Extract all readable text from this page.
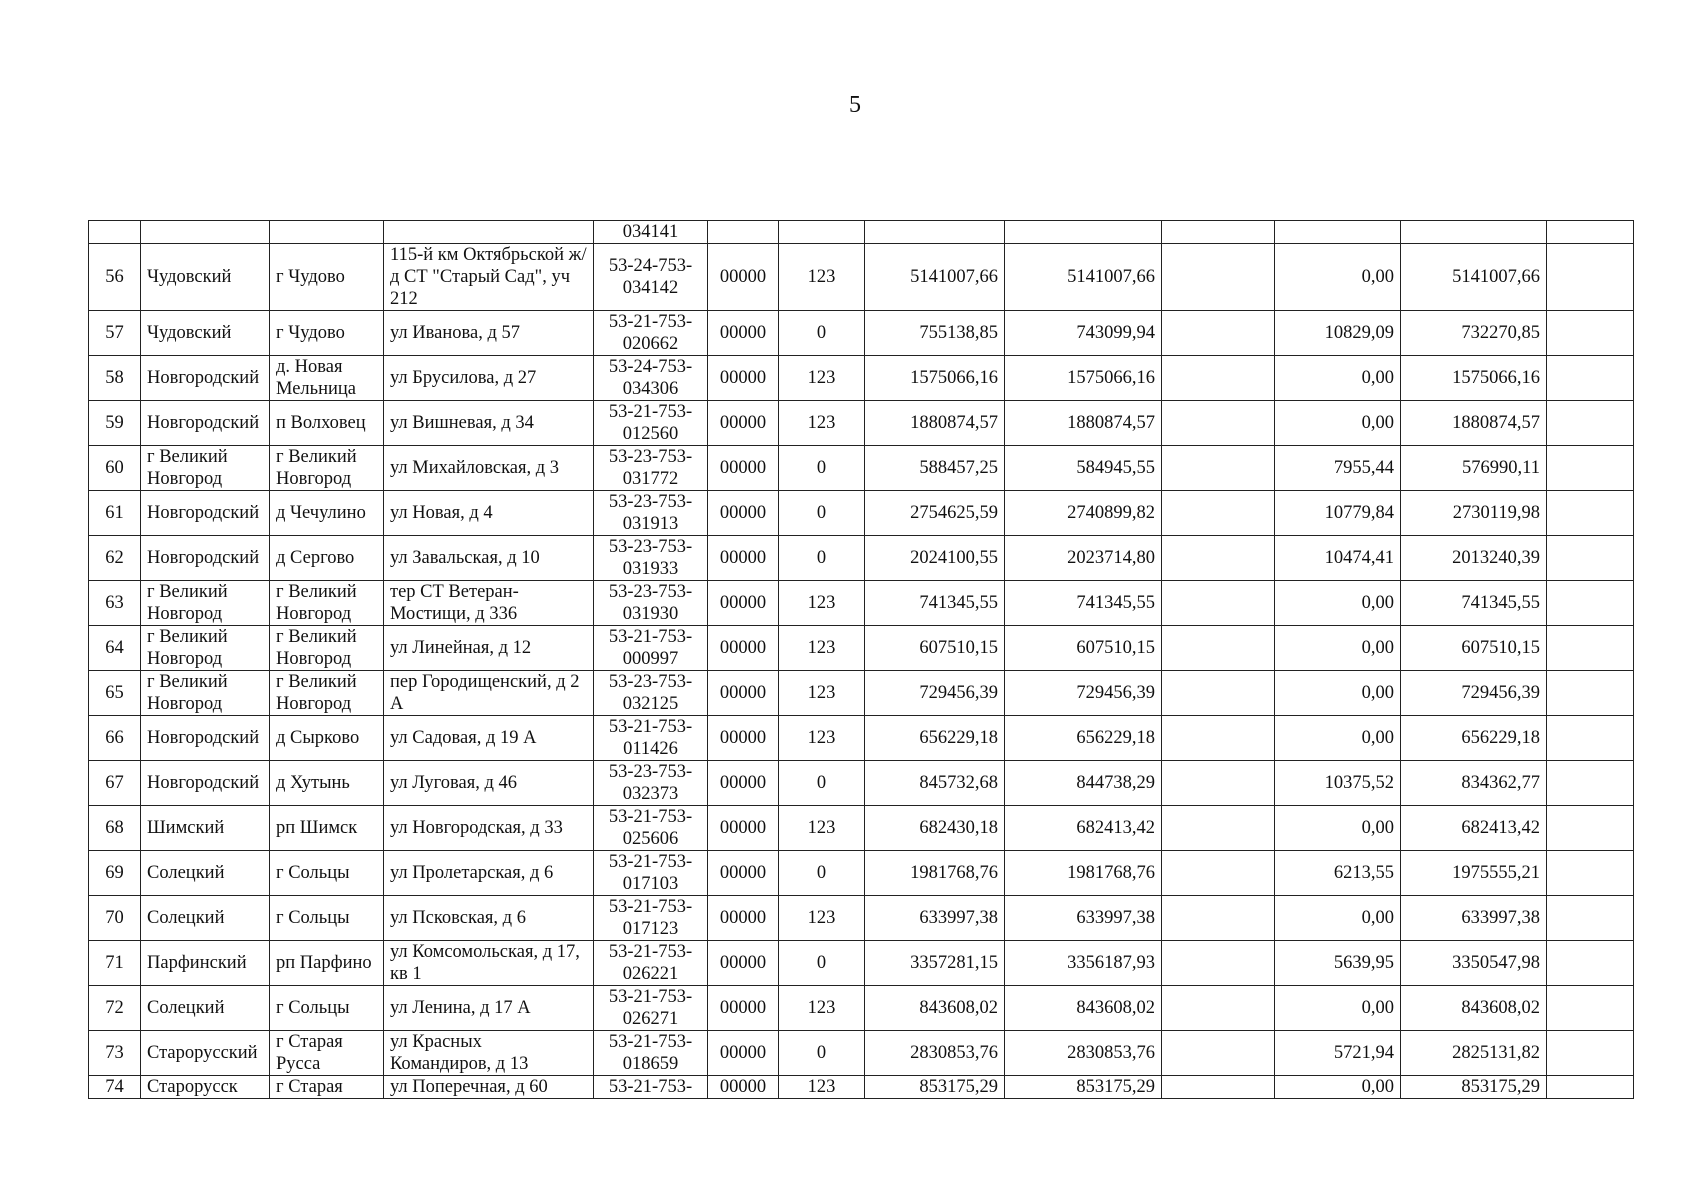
5
				034141								
56	Чудовский	г Чудово	115-й км Октябрьской ж/д СТ "Старый Сад", уч 212	53-24-753-034142	00000	123	5141007,66	5141007,66		0,00	5141007,66	
57	Чудовский	г Чудово	ул Иванова, д 57	53-21-753-020662	00000	0	755138,85	743099,94		10829,09	732270,85	
58	Новгородский	д. Новая Мельница	ул Брусилова, д 27	53-24-753-034306	00000	123	1575066,16	1575066,16		0,00	1575066,16	
59	Новгородский	п Волховец	ул Вишневая, д 34	53-21-753-012560	00000	123	1880874,57	1880874,57		0,00	1880874,57	
60	г Великий Новгород	г Великий Новгород	ул Михайловская, д 3	53-23-753-031772	00000	0	588457,25	584945,55		7955,44	576990,11	
61	Новгородский	д Чечулино	ул Новая, д 4	53-23-753-031913	00000	0	2754625,59	2740899,82		10779,84	2730119,98	
62	Новгородский	д Сергово	ул Завальская, д 10	53-23-753-031933	00000	0	2024100,55	2023714,80		10474,41	2013240,39	
63	г Великий Новгород	г Великий Новгород	тер СТ Ветеран-Мостищи, д 336	53-23-753-031930	00000	123	741345,55	741345,55		0,00	741345,55	
64	г Великий Новгород	г Великий Новгород	ул Линейная, д 12	53-21-753-000997	00000	123	607510,15	607510,15		0,00	607510,15	
65	г Великий Новгород	г Великий Новгород	пер Городищенский, д 2 А	53-23-753-032125	00000	123	729456,39	729456,39		0,00	729456,39	
66	Новгородский	д Сырково	ул Садовая, д 19 А	53-21-753-011426	00000	123	656229,18	656229,18		0,00	656229,18	
67	Новгородский	д Хутынь	ул Луговая, д 46	53-23-753-032373	00000	0	845732,68	844738,29		10375,52	834362,77	
68	Шимский	рп Шимск	ул Новгородская, д 33	53-21-753-025606	00000	123	682430,18	682413,42		0,00	682413,42	
69	Солецкий	г Сольцы	ул Пролетарская, д 6	53-21-753-017103	00000	0	1981768,76	1981768,76		6213,55	1975555,21	
70	Солецкий	г Сольцы	ул Псковская, д 6	53-21-753-017123	00000	123	633997,38	633997,38		0,00	633997,38	
71	Парфинский	рп Парфино	ул Комсомольская, д 17, кв 1	53-21-753-026221	00000	0	3357281,15	3356187,93		5639,95	3350547,98	
72	Солецкий	г Сольцы	ул Ленина, д 17 А	53-21-753-026271	00000	123	843608,02	843608,02		0,00	843608,02	
73	Старорусский	г Старая Русса	ул Красных Командиров, д 13	53-21-753-018659	00000	0	2830853,76	2830853,76		5721,94	2825131,82	
74	Старорусск	г Старая	ул Поперечная, д 60	53-21-753-	00000	123	853175,29	853175,29		0,00	853175,29	
